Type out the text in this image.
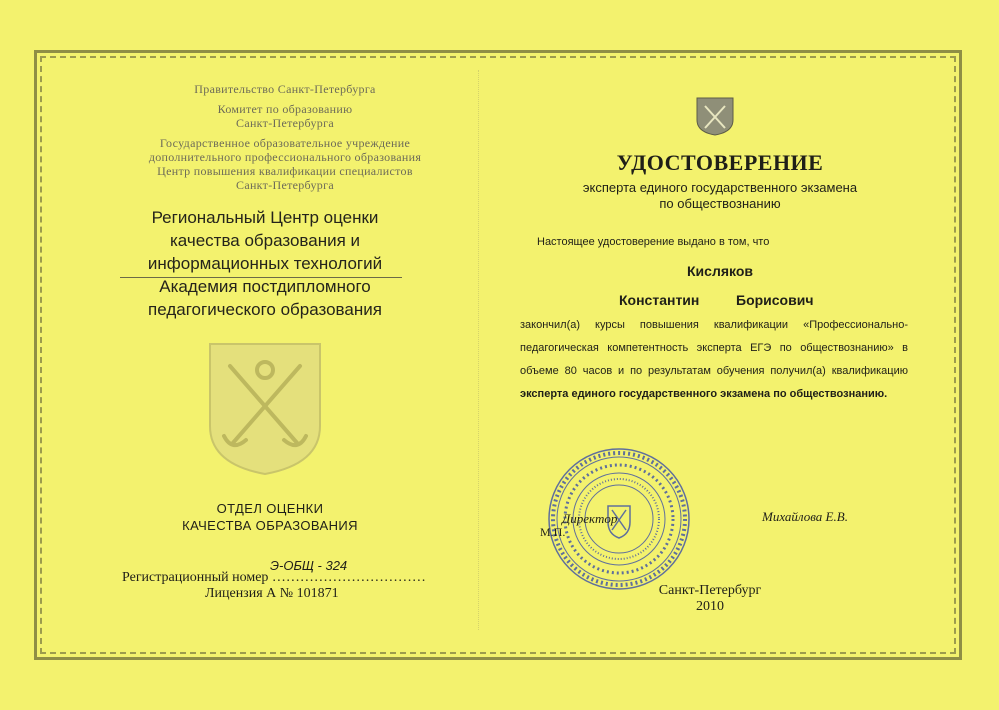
Правительство Санкт-Петербурга
Комитет по образованию
Санкт-Петербурга
Государственное образовательное учреждение
дополнительного профессионального образования
Центр повышения квалификации специалистов
Санкт-Петербурга
Региональный Центр оценки
качества образования и
информационных технологий
Академия постдипломного
педагогического образования
ОТДЕЛ ОЦЕНКИ
КАЧЕСТВА ОБРАЗОВАНИЯ
Э-ОБЩ - 324
Регистрационный номер ……………………………
Лицензия А № 101871
УДОСТОВЕРЕНИЕ
эксперта единого государственного экзамена
по обществознанию
Настоящее удостоверение выдано в том, что
Кисляков
Константин	Борисович
закончил(а) курсы повышения квалификации «Профессионально-
педагогическая компетентность эксперта ЕГЭ по обществознанию» в
объеме 80 часов и по результатам обучения получил(а) квалификацию
эксперта единого государственного экзамена по обществознанию.
М.П.
Директор	Михайлова Е.В.
Санкт-Петербург
2010
